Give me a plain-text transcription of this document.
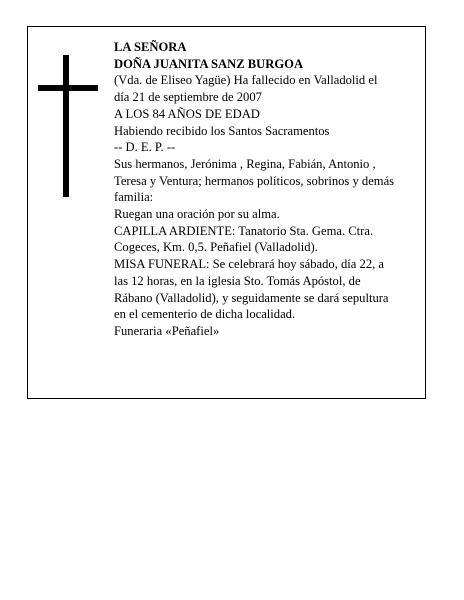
LA SEÑORA
DOÑA JUANITA SANZ BURGOA
(Vda. de Eliseo Yagüe) Ha fallecido en Valladolid el
día 21 de septiembre de 2007
A LOS 84 AÑOS DE EDAD
Habiendo recibido los Santos Sacramentos
-- D. E. P. --
Sus hermanos, Jerónima , Regina, Fabián, Antonio ,
Teresa y Ventura; hermanos políticos, sobrinos y demás
familia:
Ruegan una oración por su alma.
CAPILLA ARDIENTE: Tanatorio Sta. Gema. Ctra.
Cogeces, Km. 0,5. Peñafiel (Valladolid).
MISA FUNERAL: Se celebrará hoy sábado, día 22, a
las 12 horas, en la iglesia Sto. Tomás Apóstol, de
Rábano (Valladolid), y seguidamente se dará sepultura
en el cementerio de dicha localidad.
Funeraria «Peñafiel»
